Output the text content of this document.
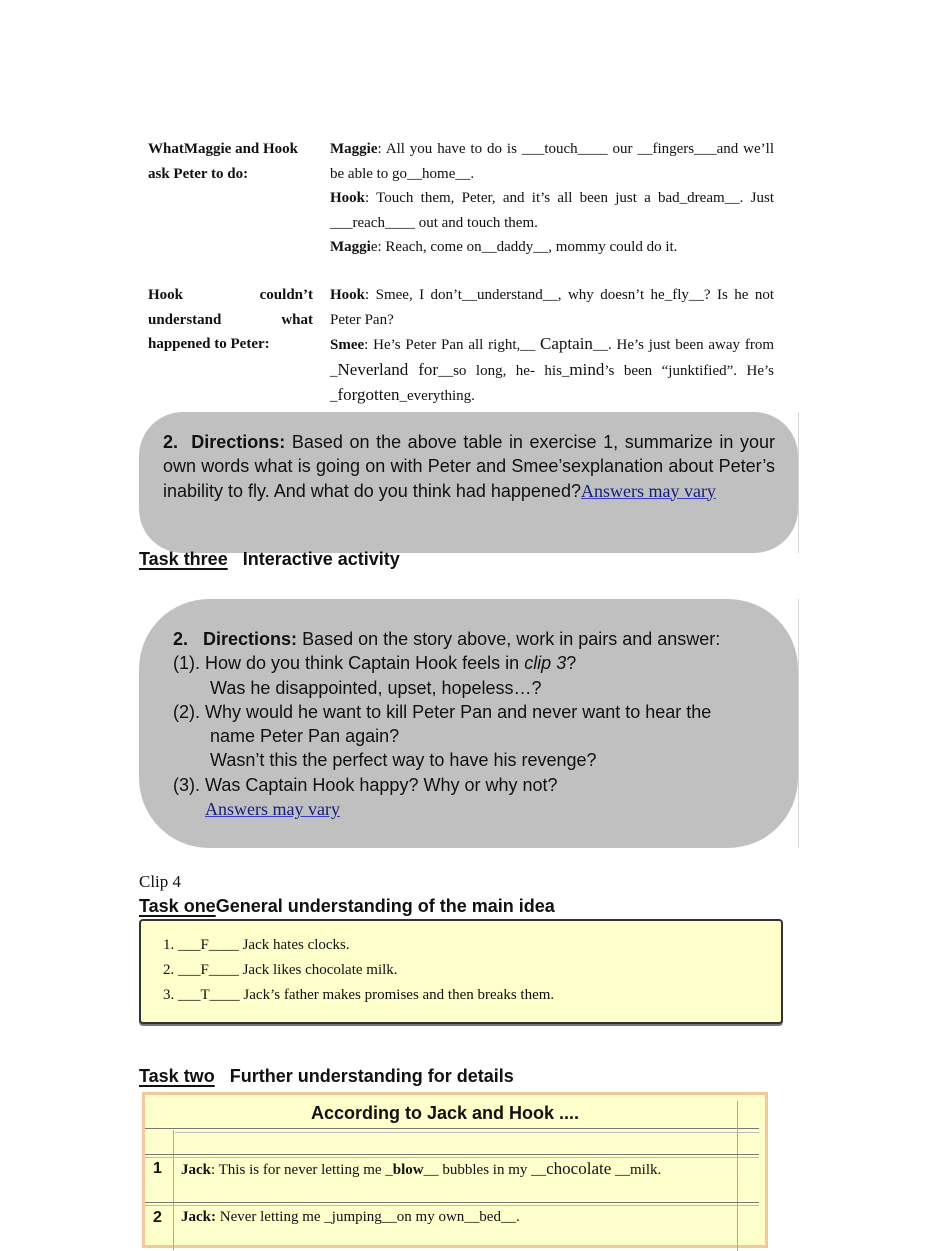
WhatMaggie and Hook ask Peter to do:
Maggie: All you have to do is ___touch____ our __fingers___and we’ll be able to go__home__.
Hook: Touch them, Peter, and it’s all been just a bad_dream__. Just ___reach____ out and touch them.
Maggie: Reach, come on__daddy__, mommy could do it.
Hook couldn’t understand what happened to Peter:
Hook: Smee, I don’t__understand__, why doesn’t he_fly__? Is he not Peter Pan?
Smee: He’s Peter Pan all right,__ Captain__. He’s just been away from _Neverland for__so long, he- his_mind’s been “junktified”. He’s _forgotten_everything.
2. Directions: Based on the above table in exercise 1, summarize in your own words what is going on with Peter and Smee’sexplanation about Peter’s inability to fly. And what do you think had happened?Answers may vary
Task three Interactive activity
2. Directions: Based on the story above, work in pairs and answer:
(1). How do you think Captain Hook feels in clip 3?
Was he disappointed, upset, hopeless…?
(2). Why would he want to kill Peter Pan and never want to hear the
name Peter Pan again?
Wasn’t this the perfect way to have his revenge?
(3). Was Captain Hook happy? Why or why not?
Answers may vary
Clip 4
Task oneGeneral understanding of the main idea
1. ___F____ Jack hates clocks.
2. ___F____ Jack likes chocolate milk.
3. ___T____ Jack’s father makes promises and then breaks them.
Task two Further understanding for details
According to Jack and Hook ....
1 Jack: This is for never letting me _blow__ bubbles in my __chocolate __milk.
2 Jack: Never letting me _jumping__on my own__bed__.
